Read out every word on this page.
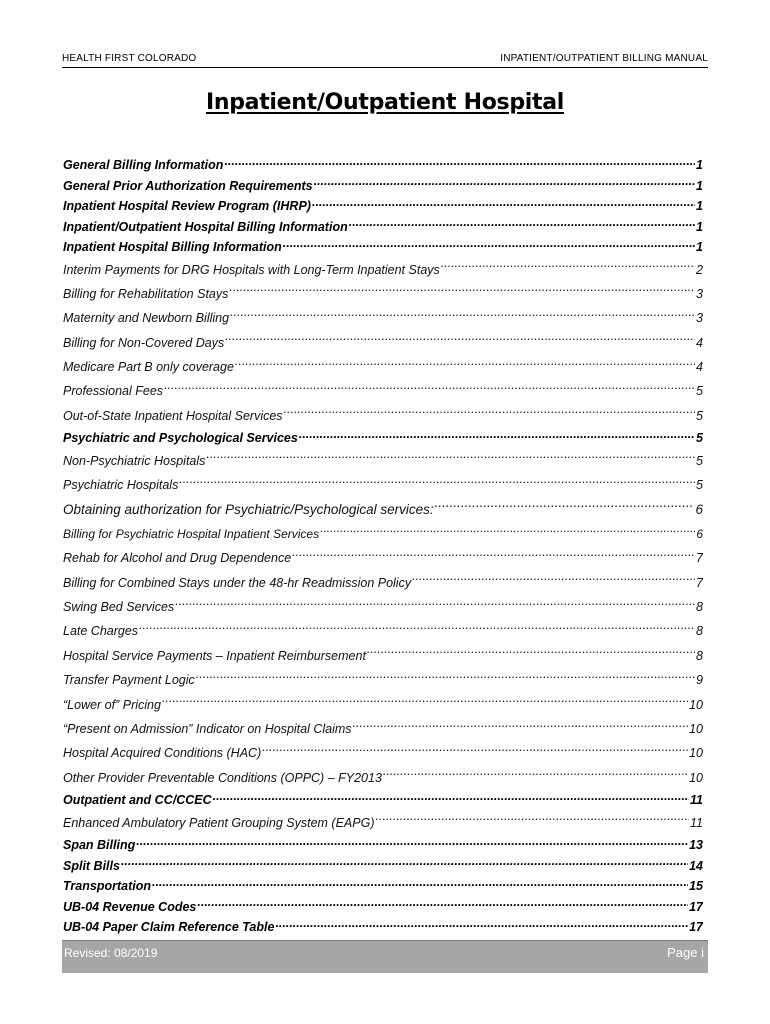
HEALTH FIRST COLORADO	INPATIENT/OUTPATIENT BILLING MANUAL
Inpatient/Outpatient Hospital
General Billing Information .....	1
General Prior Authorization Requirements .....	1
Inpatient Hospital Review Program (IHRP) .....	1
Inpatient/Outpatient Hospital Billing Information .....	1
Inpatient Hospital Billing Information .....	1
Interim Payments for DRG Hospitals with Long-Term Inpatient Stays .....	2
Billing for Rehabilitation Stays .....	3
Maternity and Newborn Billing .....	3
Billing for Non-Covered Days .....	4
Medicare Part B only coverage .....	4
Professional Fees .....	5
Out-of-State Inpatient Hospital Services .....	5
Psychiatric and Psychological Services .....	5
Non-Psychiatric Hospitals .....	5
Psychiatric Hospitals .....	5
Obtaining authorization for Psychiatric/Psychological services: .....	6
Billing for Psychiatric Hospital Inpatient Services .....	6
Rehab for Alcohol and Drug Dependence .....	7
Billing for Combined Stays under the 48-hr Readmission Policy .....	7
Swing Bed Services .....	8
Late Charges .....	8
Hospital Service Payments – Inpatient Reimbursement .....	8
Transfer Payment Logic .....	9
“Lower of” Pricing .....	10
“Present on Admission” Indicator on Hospital Claims .....	10
Hospital Acquired Conditions (HAC) .....	10
Other Provider Preventable Conditions (OPPC) – FY2013 .....	10
Outpatient and CC/CCEC .....	11
Enhanced Ambulatory Patient Grouping System (EAPG) .....	11
Span Billing .....	13
Split Bills .....	14
Transportation .....	15
UB-04 Revenue Codes .....	17
UB-04 Paper Claim Reference Table .....	17
Revised: 08/2019	Page i
